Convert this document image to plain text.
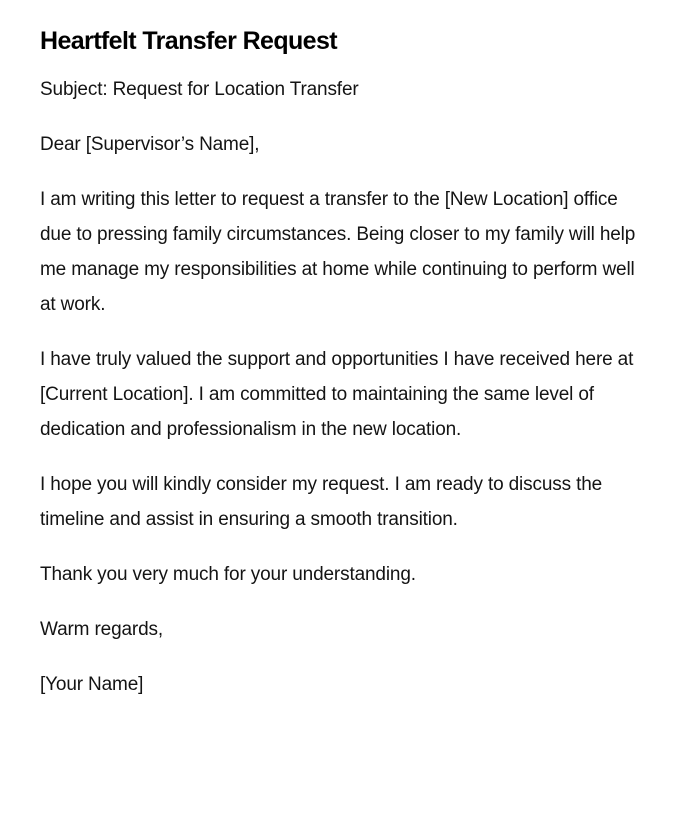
Heartfelt Transfer Request

Subject: Request for Location Transfer

Dear [Supervisor’s Name],

I am writing this letter to request a transfer to the [New Location] office due to pressing family circumstances. Being closer to my family will help me manage my responsibilities at home while continuing to perform well at work.

I have truly valued the support and opportunities I have received here at [Current Location]. I am committed to maintaining the same level of dedication and professionalism in the new location.

I hope you will kindly consider my request. I am ready to discuss the timeline and assist in ensuring a smooth transition.

Thank you very much for your understanding.

Warm regards,

[Your Name]
